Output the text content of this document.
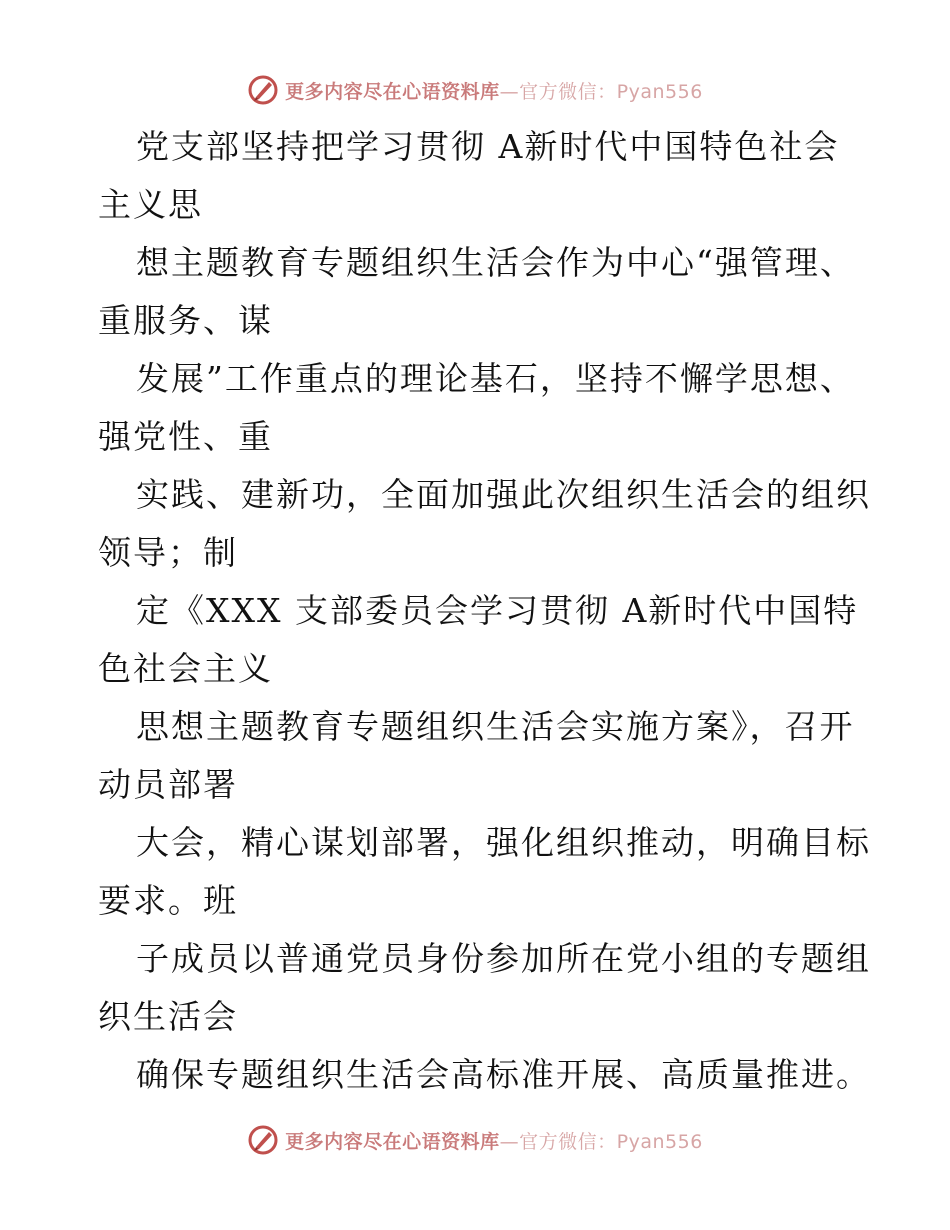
更多内容尽在心语资料库—官方微信：Pyan556
党支部坚持把学习贯彻 A新时代中国特色社会
主义思
想主题教育专题组织生活会作为中心“强管理、
重服务、谋
发展”工作重点的理论基石，坚持不懈学思想、
强党性、重
实践、建新功，全面加强此次组织生活会的组织
领导；制
定《XXX 支部委员会学习贯彻 A新时代中国特
色社会主义
思想主题教育专题组织生活会实施方案》，召开
动员部署
大会，精心谋划部署，强化组织推动，明确目标
要求。班
子成员以普通党员身份参加所在党小组的专题组
织生活会
确保专题组织生活会高标准开展、高质量推进。
更多内容尽在心语资料库—官方微信：Pyan556
